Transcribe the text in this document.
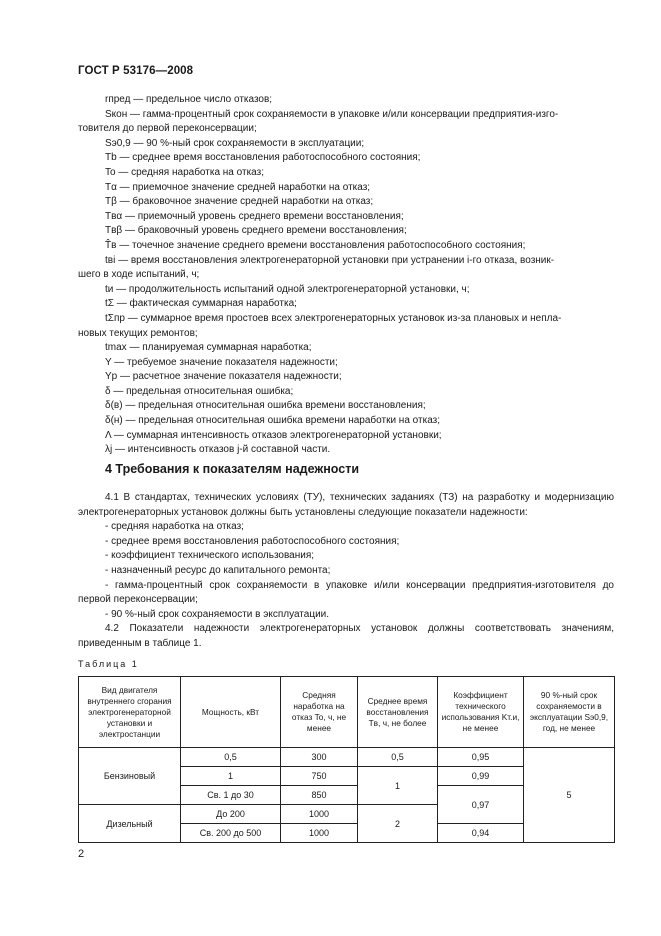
ГОСТ Р 53176—2008
rпред — предельное число отказов;
Sкон — гамма-процентный срок сохраняемости в упаковке и/или консервации предприятия-изго-
товителя до первой переконсервации;
Sэ0,9 — 90 %-ный срок сохраняемости в эксплуатации;
Tb — среднее время восстановления работоспособного состояния;
To — средняя наработка на отказ;
Tα — приемочное значение средней наработки на отказ;
Tβ — браковочное значение средней наработки на отказ;
Tвα — приемочный уровень среднего времени восстановления;
Tвβ — браковочный уровень среднего времени восстановления;
T̂в — точечное значение среднего времени восстановления работоспособного состояния;
tвi — время восстановления электрогенераторной установки при устранении i-го отказа, возник-
шего в ходе испытаний, ч;
tи — продолжительность испытаний одной электрогенераторной установки, ч;
tΣ — фактическая суммарная наработка;
tΣпр — суммарное время простоев всех электрогенераторных установок из-за плановых и непла-
новых текущих ремонтов;
tmax — планируемая суммарная наработка;
Y — требуемое значение показателя надежности;
Yр — расчетное значение показателя надежности;
δ — предельная относительная ошибка;
δ(в) — предельная относительная ошибка времени восстановления;
δ(н) — предельная относительная ошибка времени наработки на отказ;
Λ — суммарная интенсивность отказов электрогенераторной установки;
λj — интенсивность отказов j-й составной части.
4 Требования к показателям надежности
4.1 В стандартах, технических условиях (ТУ), технических заданиях (ТЗ) на разработку и модернизацию электрогенераторных установок должны быть установлены следующие показатели надежности:
- средняя наработка на отказ;
- среднее время восстановления работоспособного состояния;
- коэффициент технического использования;
- назначенный ресурс до капитального ремонта;
- гамма-процентный срок сохраняемости в упаковке и/или консервации предприятия-изготовителя до первой переконсервации;
- 90 %-ный срок сохраняемости в эксплуатации.
4.2 Показатели надежности электрогенераторных установок должны соответствовать значениям, приведенным в таблице 1.
Таблица 1
Вид двигателя внутреннего сгорания электрогенераторной установки и электростанции	Мощность, кВт	Средняя наработка на отказ To, ч, не менее	Среднее время восстановления Tв, ч, не более	Коэффициент технического использования Kт.и, не менее	90 %-ный срок сохраняемости в эксплуатации Sэ0,9, год, не менее
Бензиновый	0,5	300	0,5	0,95	5
	1	750	1	0,99	
	Св. 1 до 30	850		0,97	
Дизельный	До 200	1000	2		
	Св. 200 до 500	1000		0,94	
2
